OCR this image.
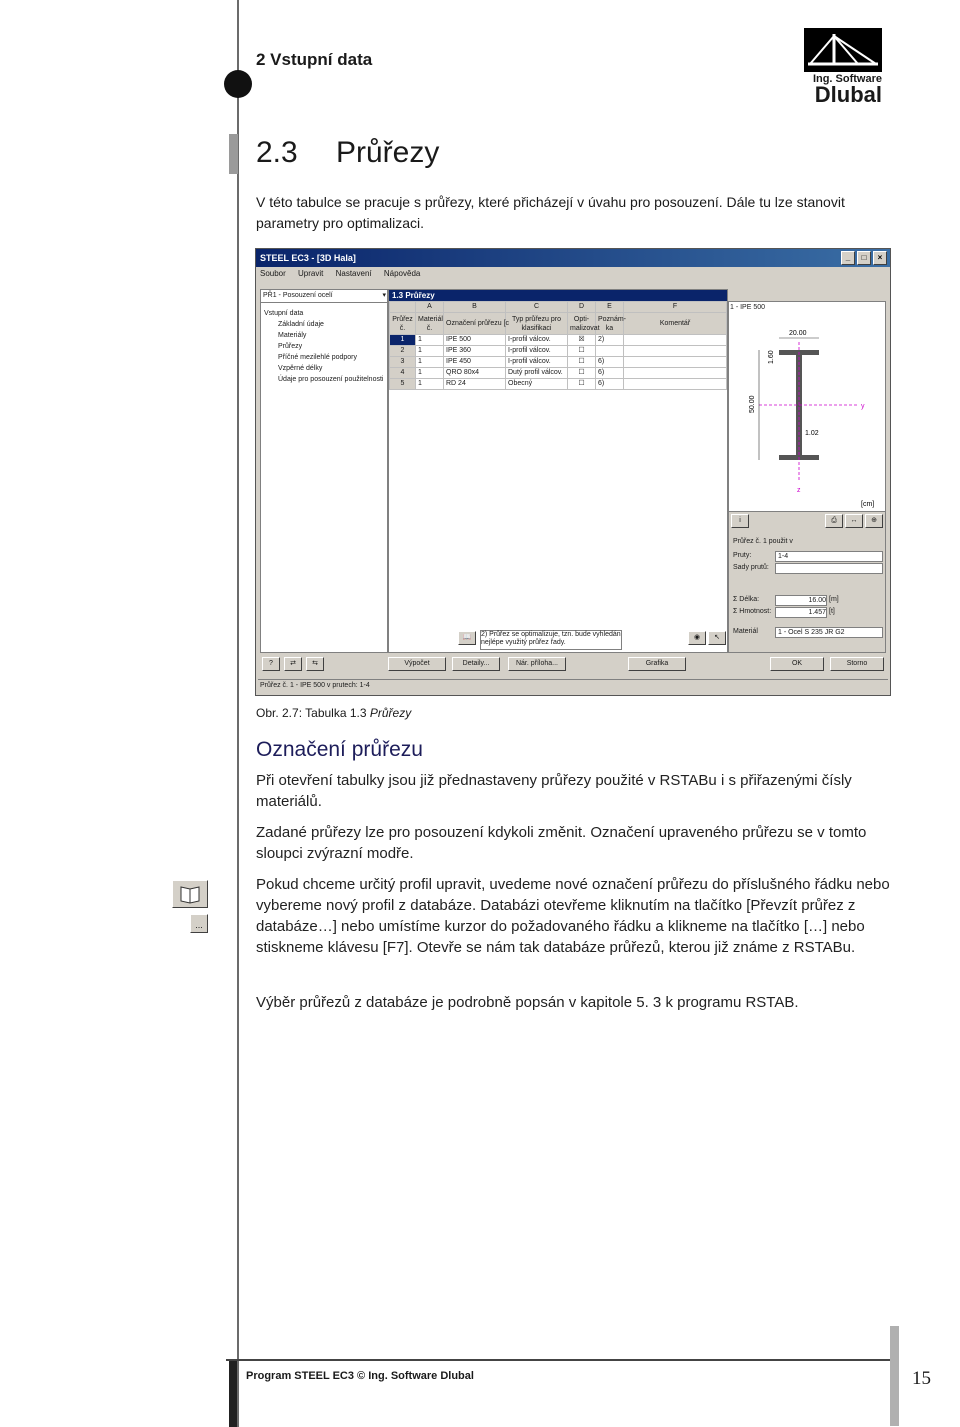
2 Vstupní data
Ing. Software
Dlubal
2.3 Průřezy
V této tabulce se pracuje s průřezy, které přicházejí v úvahu pro posouzení. Dále tu lze stanovit parametry pro optimalizaci.
STEEL EC3 - [3D Hala]	_	□	×
Soubor Upravit Nastavení Nápověda
Vstupní data
Základní údaje
Materiály
Průřezy
Příčné mezilehlé podpory
Vzpěrné délky
Údaje pro posouzení použitelnosti
PŘ1 - Posouzení ocelí	▾ 1.3 Průřezy
	A	B	C	D	E	F
Průřez č.	Materiál č.	Označení průřezu [c	Typ průřezu pro klasifikaci	Opti-malizovat	Poznám-ka	Komentář
1	1	IPE 500	I-profil válcov.	☒	2)	
2	1	IPE 360	I-profil válcov.	☐		
3	1	IPE 450	I-profil válcov.	☐	6)	
4	1	QRO 80x4	Dutý profil válcov.	☐	6)	
5	1	RD 24	Obecný	☐	6)	
20.00
50.00
1.60
1.02
y
z
[cm]
1 - IPE 500
i	⎙	↔	⊕
Průřez č. 1 použit v
Pruty:	1-4
Sady prutů:
Σ Délka:	16.00 [m]
Σ Hmotnost:	1.457 [t]
Materiál	1 - Ocel S 235 JR G2
📖	2) Průřez se optimalizuje, tzn. bude vyhledán nejlépe využitý průřez řady.
◉	↖
?	⇄	⇆	Výpočet	Detaily...	Nár. příloha...	Grafika	OK	Storno
Průřez č. 1 - IPE 500 v prutech: 1-4
Obr. 2.7: Tabulka 1.3 Průřezy
Označení průřezu
Při otevření tabulky jsou již přednastaveny průřezy použité v RSTABu i s přiřazenými čísly materiálů.
Zadané průřezy lze pro posouzení kdykoli změnit. Označení upraveného průřezu se v tomto sloupci zvýrazní modře.
Pokud chceme určitý profil upravit, uvedeme nové označení průřezu do příslušného řádku nebo vybereme nový profil z databáze. Databázi otevřeme kliknutím na tlačítko [Převzít průřez z databáze…] nebo umístíme kurzor do požadovaného řádku a klikneme na tlačítko […] nebo stiskneme klávesu [F7]. Otevře se nám tak databáze průřezů, kterou již známe z RSTABu.
Výběr průřezů z databáze je podrobně popsán v kapitole 5. 3 k programu RSTAB.
...
Program STEEL EC3 © Ing. Software Dlubal	15
